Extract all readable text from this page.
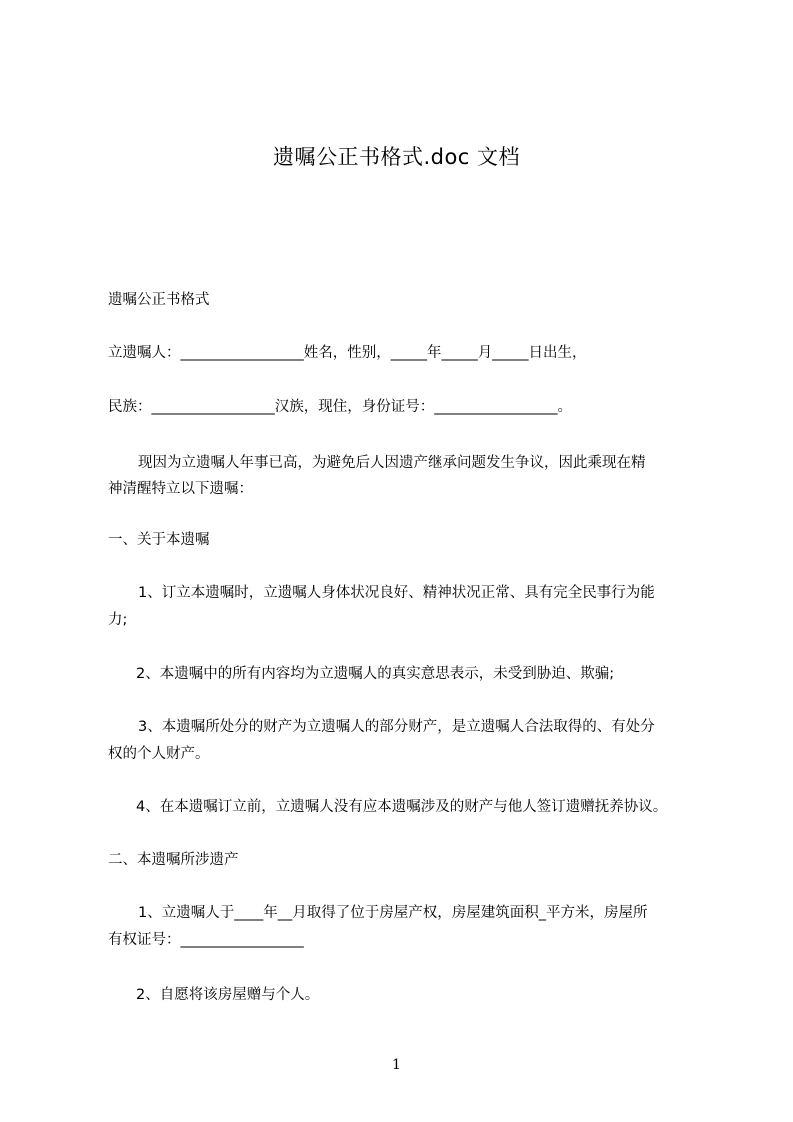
遗嘱公正书格式.doc 文档
遗嘱公正书格式
立遗嘱人：_________________姓名，性别，_____年_____月_____日出生，
民族：_________________汉族，现住，身份证号：_________________。
现因为立遗嘱人年事已高，为避免后人因遗产继承问题发生争议，因此乘现在精
神清醒特立以下遗嘱：
一、关于本遗嘱
1、订立本遗嘱时，立遗嘱人身体状况良好、精神状况正常、具有完全民事行为能
力;
2、本遗嘱中的所有内容均为立遗嘱人的真实意思表示，未受到胁迫、欺骗;
3、本遗嘱所处分的财产为立遗嘱人的部分财产，是立遗嘱人合法取得的、有处分
权的个人财产。
4、在本遗嘱订立前，立遗嘱人没有应本遗嘱涉及的财产与他人签订遗赠抚养协议。
二、本遗嘱所涉遗产
1、立遗嘱人于____年__月取得了位于房屋产权，房屋建筑面积_平方米，房屋所
有权证号：_________________
2、自愿将该房屋赠与个人。
1
